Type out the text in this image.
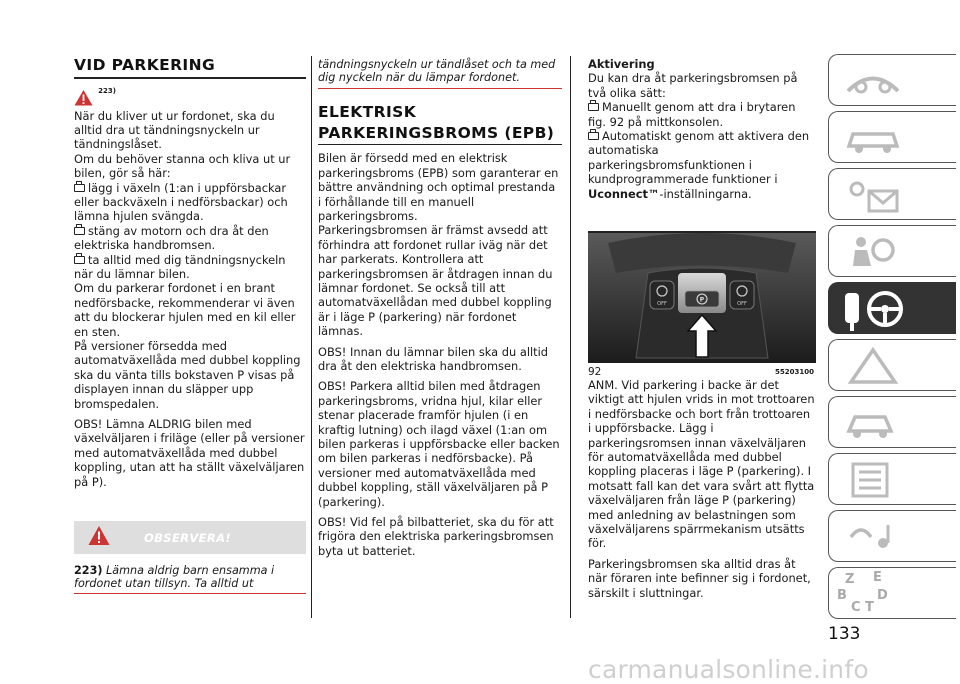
VID PARKERING
$^{223)}$

När du kliver ut ur fordonet, ska du alltid dra ut tändningsnyckeln ur tändningslåset.

Om du behöver stanna och kliva ut ur bilen, gör så här:

lägg i växeln (1:an i uppförsbackar eller backväxeln i nedförsbackar) och lämna hjulen svängda.

stäng av motorn och dra åt den elektriska handbromsen.

ta alltid med dig tändningsnyckeln när du lämnar bilen.

Om du parkerar fordonet i en brant nedförsbacke, rekommenderar vi även att du blockerar hjulen med en kil eller en sten.

På versioner försedda med automatväxellåda med dubbel koppling ska du vänta tills bokstaven P visas på displayen innan du släpper upp bromspedalen.

OBS! Lämna ALDRIG bilen med växelväljaren i friläge (eller på versioner med automatväxellåda med dubbel koppling, utan att ha ställt växelväljaren på P).

OBSERVERA!

223) Lämna aldrig barn ensamma i fordonet utan tillsyn. Ta alltid ut

tändningsnyckeln ur tändlåset och ta med dig nyckeln när du lämpar fordonet.

ELEKTRISK
PARKERINGSBROMS (EPB)

Bilen är försedd med en elektrisk parkeringsbroms (EPB) som garanterar en bättre användning och optimal prestanda i förhållande till en manuell parkeringsbroms.

Parkeringsbromsen är främst avsedd att förhindra att fordonet rullar iväg när det har parkerats. Kontrollera att parkeringsbromsen är åtdragen innan du lämnar fordonet. Se också till att automatväxellådan med dubbel koppling är i läge P (parkering) när fordonet lämnas.

OBS! Innan du lämnar bilen ska du alltid dra åt den elektriska handbromsen.

OBS! Parkera alltid bilen med åtdragen parkeringsbroms, vridna hjul, kilar eller stenar placerade framför hjulen (i en kraftig lutning) och ilagd växel (1:an om bilen parkeras i uppförsbacke eller backen om bilen parkeras i nedförsbacke). På versioner med automatväxellåda med dubbel koppling, ställ växelväljaren på P (parkering).

OBS! Vid fel på bilbatteriet, ska du för att frigöra den elektriska parkeringsbromsen byta ut batteriet.

Aktivering

Du kan dra åt parkeringsbromsen på två olika sätt:

Manuellt genom att dra i brytaren fig. 92 på mittkonsolen.

Automatiskt genom att aktivera den automatiska parkeringsbromsfunktionen i kundprogrammerade funktioner i Uconnect™-inställningarna.

OFF	OFF
P
92	55203100

ANM. Vid parkering i backe är det viktigt att hjulen vrids in mot trottoaren i nedförsbacke och bort från trottoaren i uppförsbacke. Lägg i parkeringsromsen innan växelväljaren för automatväxellåda med dubbel koppling placeras i läge P (parkering). I motsatt fall kan det vara svårt att flytta växelväljaren från läge P (parkering) med anledning av belastningen som växelväljarens spärrmekanism utsätts för.

Parkeringsbromsen ska alltid dras åt när föraren inte befinner sig i fordonet, särskilt i sluttningar.

Z
B
C T
D
E
133
carmanualsonline.info
